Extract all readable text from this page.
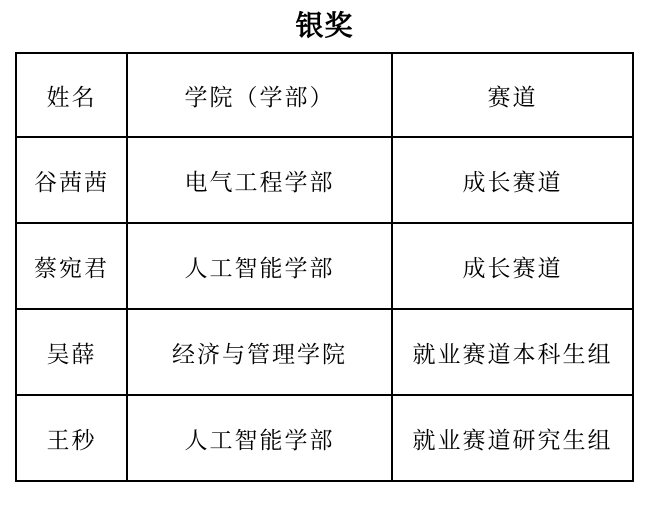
银奖
姓名	学院（学部）	赛道
谷茜茜	电气工程学部	成长赛道
蔡宛君	人工智能学部	成长赛道
吴薛	经济与管理学院	就业赛道本科生组
王秒	人工智能学部	就业赛道研究生组
